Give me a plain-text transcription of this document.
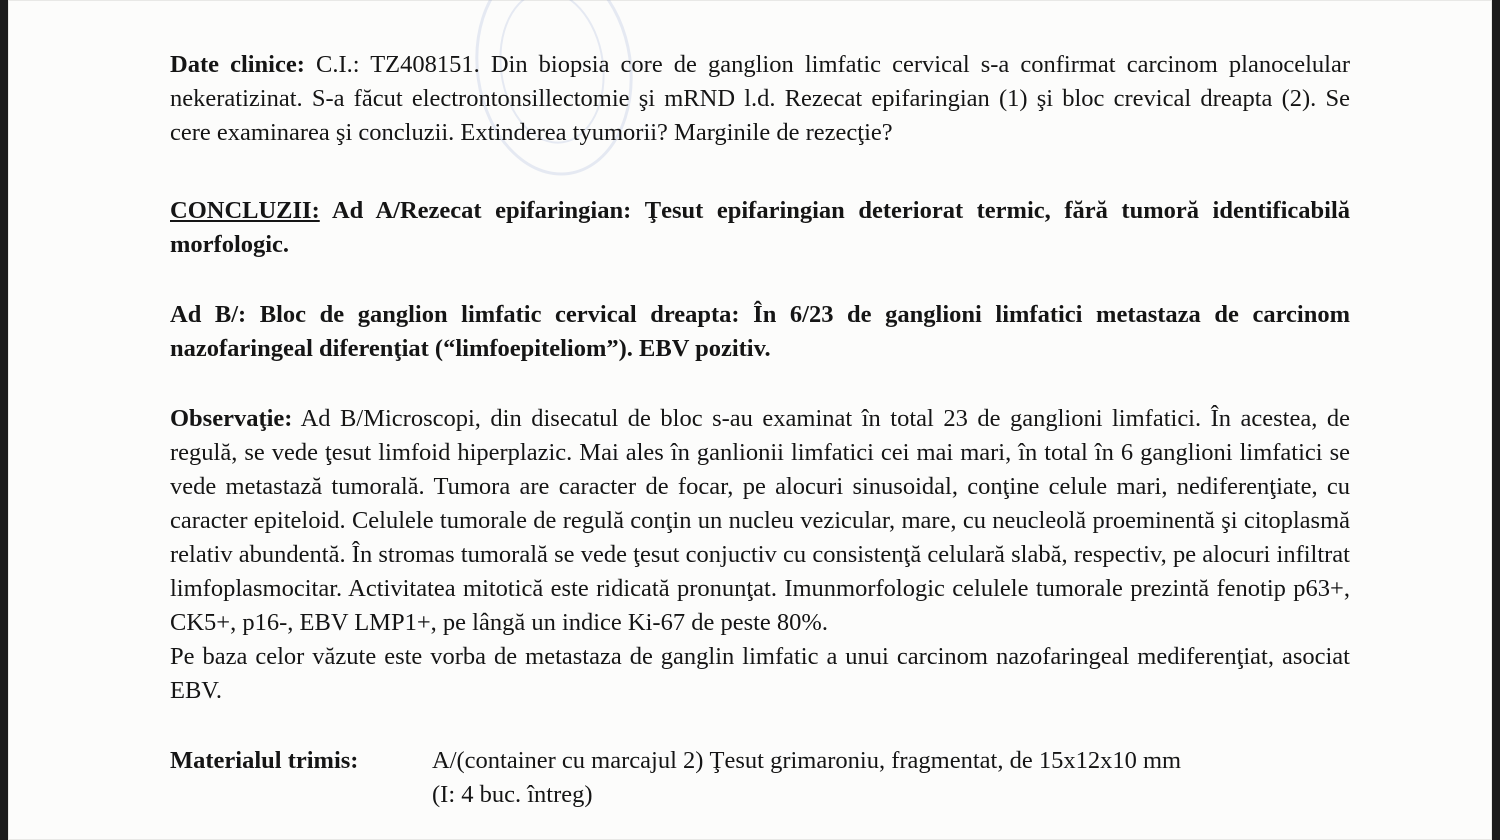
Date clinice: C.I.: TZ408151. Din biopsia core de ganglion limfatic cervical s-a confirmat carcinom planocelular nekeratizinat. S-a făcut electrontonsillectomie şi mRND l.d. Rezecat epifaringian (1) şi bloc crevical dreapta (2). Se cere examinarea şi concluzii. Extinderea tyumorii? Marginile de rezecţie?

CONCLUZII: Ad A/Rezecat epifaringian: Ţesut epifaringian deteriorat termic, fără tumoră identificabilă morfologic.

Ad B/: Bloc de ganglion limfatic cervical dreapta: În 6/23 de ganglioni limfatici metastaza de carcinom nazofaringeal diferenţiat (“limfoepiteliom”). EBV pozitiv.

Observaţie: Ad B/Microscopi, din disecatul de bloc s-au examinat în total 23 de ganglioni limfatici. În acestea, de regulă, se vede ţesut limfoid hiperplazic. Mai ales în ganlionii limfatici cei mai mari, în total în 6 ganglioni limfatici se vede metastază tumorală. Tumora are caracter de focar, pe alocuri sinusoidal, conţine celule mari, nediferenţiate, cu caracter epiteloid. Celulele tumorale de regulă conţin un nucleu vezicular, mare, cu neucleolă proeminentă şi citoplasmă relativ abundentă. În stromas tumorală se vede ţesut conjuctiv cu consistenţă celulară slabă, respectiv, pe alocuri infiltrat limfoplasmocitar. Activitatea mitotică este ridicată pronunţat. Imunmorfologic celulele tumorale prezintă fenotip p63+, CK5+, p16-, EBV LMP1+, pe lângă un indice Ki-67 de peste 80%.

Pe baza celor văzute este vorba de metastaza de ganglin limfatic a unui carcinom nazofaringeal mediferenţiat, asociat EBV.

Materialul trimis:	A/(container cu marcajul 2) Ţesut grimaroniu, fragmentat, de 15x12x10 mm
(I: 4 buc. întreg)
